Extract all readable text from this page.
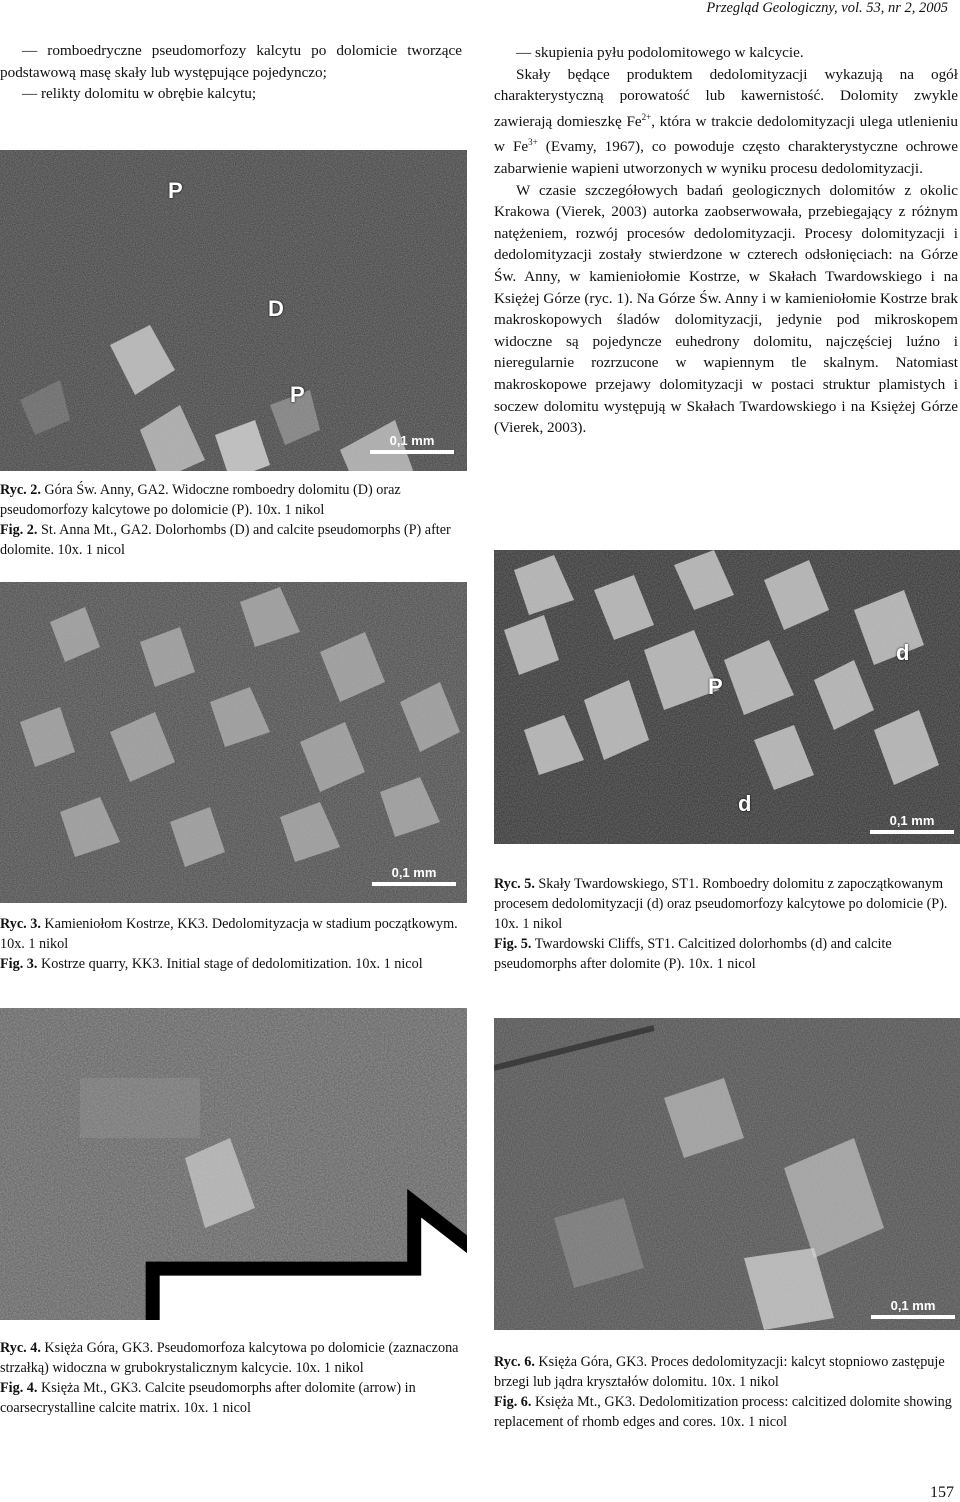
Przegląd Geologiczny, vol. 53, nr 2, 2005

— romboedryczne pseudomorfozy kalcytu po dolomicie tworzące podstawową masę skały lub występujące pojedynczo;

— relikty dolomitu w obrębie kalcytu;

P
D
P
0,1 mm

Ryc. 2. Góra Św. Anny, GA2. Widoczne romboedry dolomitu (D) oraz pseudomorfozy kalcytowe po dolomicie (P). 10x. 1 nikol

Fig. 2. St. Anna Mt., GA2. Dolorhombs (D) and calcite pseudomorphs (P) after dolomite. 10x. 1 nicol

— skupienia pyłu podolomitowego w kalcycie.

Skały będące produktem dedolomityzacji wykazują na ogół charakterystyczną porowatość lub kawernistość. Dolomity zwykle zawierają domieszkę $Fe^{2+}$, która w trakcie dedolomityzacji ulega utlenieniu w $Fe^{3+}$ (Evamy, 1967), co powoduje często charakterystyczne ochrowe zabarwienie wapieni utworzonych w wyniku procesu dedolomityzacji.

W czasie szczegółowych badań geologicznych dolomitów z okolic Krakowa (Vierek, 2003) autorka zaobserwowała, przebiegający z różnym natężeniem, rozwój procesów dedolomityzacji. Procesy dolomityzacji i dedolomityzacji zostały stwierdzone w czterech odsłonięciach: na Górze Św. Anny, w kamieniołomie Kostrze, w Skałach Twardowskiego i na Księżej Górze (ryc. 1). Na Górze Św. Anny i w kamieniołomie Kostrze brak makroskopowych śladów dolomityzacji, jedynie pod mikroskopem widoczne są pojedyncze euhedrony dolomitu, najczęściej luźno i nieregularnie rozrzucone w wapiennym tle skalnym. Natomiast makroskopowe przejawy dolomityzacji w postaci struktur plamistych i soczew dolomitu występują w Skałach Twardowskiego i na Księżej Górze (Vierek, 2003).

0,1 mm

Ryc. 3. Kamieniołom Kostrze, KK3. Dedolomityzacja w stadium początkowym. 10x. 1 nikol

Fig. 3. Kostrze quarry, KK3. Initial stage of dedolomitization. 10x. 1 nicol

d
P
d
0,1 mm

Ryc. 5. Skały Twardowskiego, ST1. Romboedry dolomitu z zapoczątkowanym procesem dedolomityzacji (d) oraz pseudomorfozy kalcytowe po dolomicie (P). 10x. 1 nikol

Fig. 5. Twardowski Cliffs, ST1. Calcitized dolorhombs (d) and calcite pseudomorphs after dolomite (P). 10x. 1 nicol

0,1 mm

Ryc. 4. Księża Góra, GK3. Pseudomorfoza kalcytowa po dolomicie (zaznaczona strzałką) widoczna w grubokrystalicznym kalcycie. 10x. 1 nikol

Fig. 4. Księża Mt., GK3. Calcite pseudomorphs after dolomite (arrow) in coarsecrystalline calcite matrix. 10x. 1 nicol

0,1 mm

Ryc. 6. Księża Góra, GK3. Proces dedolomityzacji: kalcyt stopniowo zastępuje brzegi lub jądra kryształów dolomitu. 10x. 1 nikol

Fig. 6. Księża Mt., GK3. Dedolomitization process: calcitized dolomite showing replacement of rhomb edges and cores. 10x. 1 nicol

157
